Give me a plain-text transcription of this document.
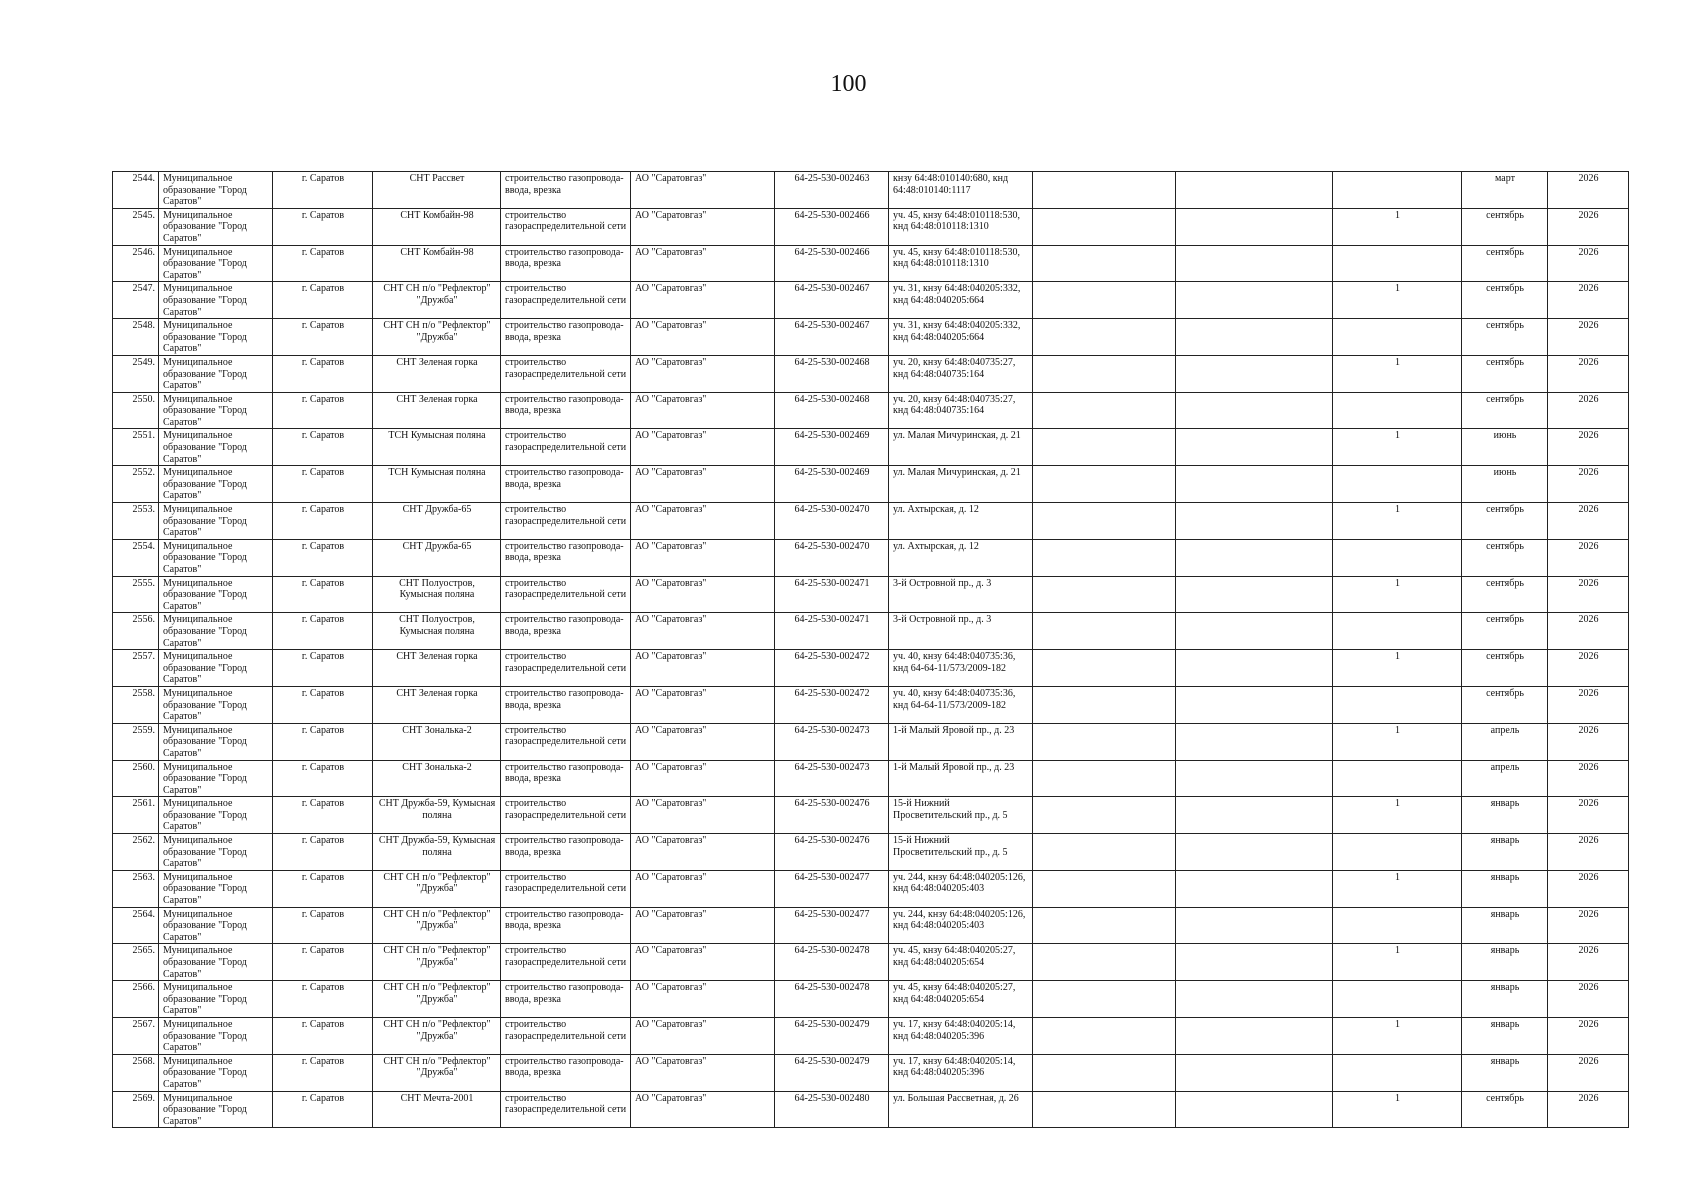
100
2544.	Муниципальное образование "Город Саратов"	г. Саратов	СНТ Рассвет	строительство газопровода-ввода, врезка	АО "Саратовгаз"	64-25-530-002463	кнзу 64:48:010140:680, кнд 64:48:010140:1117				март	2026
2545.	Муниципальное образование "Город Саратов"	г. Саратов	СНТ Комбайн-98	строительство газораспределительной сети	АО "Саратовгаз"	64-25-530-002466	уч. 45, кнзу 64:48:010118:530, кнд 64:48:010118:1310			1	сентябрь	2026
2546.	Муниципальное образование "Город Саратов"	г. Саратов	СНТ Комбайн-98	строительство газопровода-ввода, врезка	АО "Саратовгаз"	64-25-530-002466	уч. 45, кнзу 64:48:010118:530, кнд 64:48:010118:1310				сентябрь	2026
2547.	Муниципальное образование "Город Саратов"	г. Саратов	СНТ СН п/о "Рефлектор" "Дружба"	строительство газораспределительной сети	АО "Саратовгаз"	64-25-530-002467	уч. 31, кнзу 64:48:040205:332, кнд 64:48:040205:664			1	сентябрь	2026
2548.	Муниципальное образование "Город Саратов"	г. Саратов	СНТ СН п/о "Рефлектор" "Дружба"	строительство газопровода-ввода, врезка	АО "Саратовгаз"	64-25-530-002467	уч. 31, кнзу 64:48:040205:332, кнд 64:48:040205:664				сентябрь	2026
2549.	Муниципальное образование "Город Саратов"	г. Саратов	СНТ Зеленая горка	строительство газораспределительной сети	АО "Саратовгаз"	64-25-530-002468	уч. 20, кнзу 64:48:040735:27, кнд 64:48:040735:164			1	сентябрь	2026
2550.	Муниципальное образование "Город Саратов"	г. Саратов	СНТ Зеленая горка	строительство газопровода-ввода, врезка	АО "Саратовгаз"	64-25-530-002468	уч. 20, кнзу 64:48:040735:27, кнд 64:48:040735:164				сентябрь	2026
2551.	Муниципальное образование "Город Саратов"	г. Саратов	ТСН Кумысная поляна	строительство газораспределительной сети	АО "Саратовгаз"	64-25-530-002469	ул. Малая Мичуринская, д. 21			1	июнь	2026
2552.	Муниципальное образование "Город Саратов"	г. Саратов	ТСН Кумысная поляна	строительство газопровода-ввода, врезка	АО "Саратовгаз"	64-25-530-002469	ул. Малая Мичуринская, д. 21				июнь	2026
2553.	Муниципальное образование "Город Саратов"	г. Саратов	СНТ Дружба-65	строительство газораспределительной сети	АО "Саратовгаз"	64-25-530-002470	ул. Ахтырская, д. 12			1	сентябрь	2026
2554.	Муниципальное образование "Город Саратов"	г. Саратов	СНТ Дружба-65	строительство газопровода-ввода, врезка	АО "Саратовгаз"	64-25-530-002470	ул. Ахтырская, д. 12				сентябрь	2026
2555.	Муниципальное образование "Город Саратов"	г. Саратов	СНТ Полуостров, Кумысная поляна	строительство газораспределительной сети	АО "Саратовгаз"	64-25-530-002471	3-й Островной пр., д. 3			1	сентябрь	2026
2556.	Муниципальное образование "Город Саратов"	г. Саратов	СНТ Полуостров, Кумысная поляна	строительство газопровода-ввода, врезка	АО "Саратовгаз"	64-25-530-002471	3-й Островной пр., д. 3				сентябрь	2026
2557.	Муниципальное образование "Город Саратов"	г. Саратов	СНТ Зеленая горка	строительство газораспределительной сети	АО "Саратовгаз"	64-25-530-002472	уч. 40, кнзу 64:48:040735:36, кнд 64-64-11/573/2009-182			1	сентябрь	2026
2558.	Муниципальное образование "Город Саратов"	г. Саратов	СНТ Зеленая горка	строительство газопровода-ввода, врезка	АО "Саратовгаз"	64-25-530-002472	уч. 40, кнзу 64:48:040735:36, кнд 64-64-11/573/2009-182				сентябрь	2026
2559.	Муниципальное образование "Город Саратов"	г. Саратов	СНТ Зональка-2	строительство газораспределительной сети	АО "Саратовгаз"	64-25-530-002473	1-й Малый Яровой пр., д. 23			1	апрель	2026
2560.	Муниципальное образование "Город Саратов"	г. Саратов	СНТ Зональка-2	строительство газопровода-ввода, врезка	АО "Саратовгаз"	64-25-530-002473	1-й Малый Яровой пр., д. 23				апрель	2026
2561.	Муниципальное образование "Город Саратов"	г. Саратов	СНТ Дружба-59, Кумысная поляна	строительство газораспределительной сети	АО "Саратовгаз"	64-25-530-002476	15-й Нижний Просветительский пр., д. 5			1	январь	2026
2562.	Муниципальное образование "Город Саратов"	г. Саратов	СНТ Дружба-59, Кумысная поляна	строительство газопровода-ввода, врезка	АО "Саратовгаз"	64-25-530-002476	15-й Нижний Просветительский пр., д. 5				январь	2026
2563.	Муниципальное образование "Город Саратов"	г. Саратов	СНТ СН п/о "Рефлектор" "Дружба"	строительство газораспределительной сети	АО "Саратовгаз"	64-25-530-002477	уч. 244, кнзу 64:48:040205:126, кнд 64:48:040205:403			1	январь	2026
2564.	Муниципальное образование "Город Саратов"	г. Саратов	СНТ СН п/о "Рефлектор" "Дружба"	строительство газопровода-ввода, врезка	АО "Саратовгаз"	64-25-530-002477	уч. 244, кнзу 64:48:040205:126, кнд 64:48:040205:403				январь	2026
2565.	Муниципальное образование "Город Саратов"	г. Саратов	СНТ СН п/о "Рефлектор" "Дружба"	строительство газораспределительной сети	АО "Саратовгаз"	64-25-530-002478	уч. 45, кнзу 64:48:040205:27, кнд 64:48:040205:654			1	январь	2026
2566.	Муниципальное образование "Город Саратов"	г. Саратов	СНТ СН п/о "Рефлектор" "Дружба"	строительство газопровода-ввода, врезка	АО "Саратовгаз"	64-25-530-002478	уч. 45, кнзу 64:48:040205:27, кнд 64:48:040205:654				январь	2026
2567.	Муниципальное образование "Город Саратов"	г. Саратов	СНТ СН п/о "Рефлектор" "Дружба"	строительство газораспределительной сети	АО "Саратовгаз"	64-25-530-002479	уч. 17, кнзу 64:48:040205:14, кнд 64:48:040205:396			1	январь	2026
2568.	Муниципальное образование "Город Саратов"	г. Саратов	СНТ СН п/о "Рефлектор" "Дружба"	строительство газопровода-ввода, врезка	АО "Саратовгаз"	64-25-530-002479	уч. 17, кнзу 64:48:040205:14, кнд 64:48:040205:396				январь	2026
2569.	Муниципальное образование "Город Саратов"	г. Саратов	СНТ Мечта-2001	строительство газораспределительной сети	АО "Саратовгаз"	64-25-530-002480	ул. Большая Рассветная, д. 26			1	сентябрь	2026
